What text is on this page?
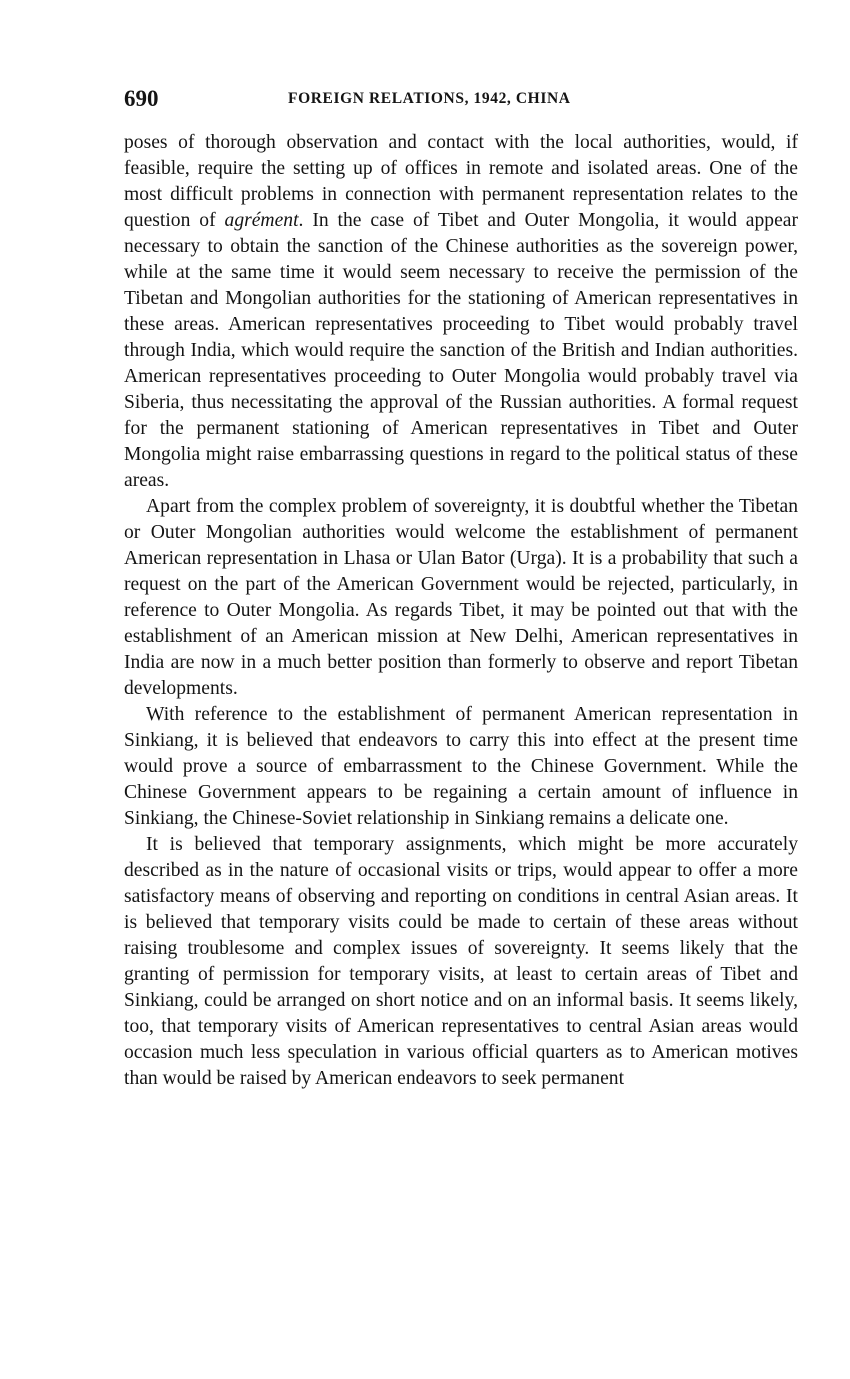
690	FOREIGN RELATIONS, 1942, CHINA

poses of thorough observation and contact with the local authorities, would, if feasible, require the setting up of offices in remote and isolated areas. One of the most difficult problems in connection with permanent representation relates to the question of agrément. In the case of Tibet and Outer Mongolia, it would appear necessary to obtain the sanction of the Chinese authorities as the sovereign power, while at the same time it would seem necessary to receive the permission of the Tibetan and Mongolian authorities for the stationing of American representatives in these areas. American representatives proceeding to Tibet would probably travel through India, which would require the sanction of the British and Indian authorities. American representatives proceeding to Outer Mongolia would probably travel via Siberia, thus necessitating the approval of the Russian authorities. A formal request for the permanent stationing of American representatives in Tibet and Outer Mongolia might raise embarrassing questions in regard to the political status of these areas.

Apart from the complex problem of sovereignty, it is doubtful whether the Tibetan or Outer Mongolian authorities would welcome the establishment of permanent American representation in Lhasa or Ulan Bator (Urga). It is a probability that such a request on the part of the American Government would be rejected, particularly, in reference to Outer Mongolia. As regards Tibet, it may be pointed out that with the establishment of an American mission at New Delhi, American representatives in India are now in a much better position than formerly to observe and report Tibetan developments.

With reference to the establishment of permanent American representation in Sinkiang, it is believed that endeavors to carry this into effect at the present time would prove a source of embarrassment to the Chinese Government. While the Chinese Government appears to be regaining a certain amount of influence in Sinkiang, the Chinese-Soviet relationship in Sinkiang remains a delicate one.

It is believed that temporary assignments, which might be more accurately described as in the nature of occasional visits or trips, would appear to offer a more satisfactory means of observing and reporting on conditions in central Asian areas. It is believed that temporary visits could be made to certain of these areas without raising troublesome and complex issues of sovereignty. It seems likely that the granting of permission for temporary visits, at least to certain areas of Tibet and Sinkiang, could be arranged on short notice and on an informal basis. It seems likely, too, that temporary visits of American representatives to central Asian areas would occasion much less speculation in various official quarters as to American motives than would be raised by American endeavors to seek permanent
